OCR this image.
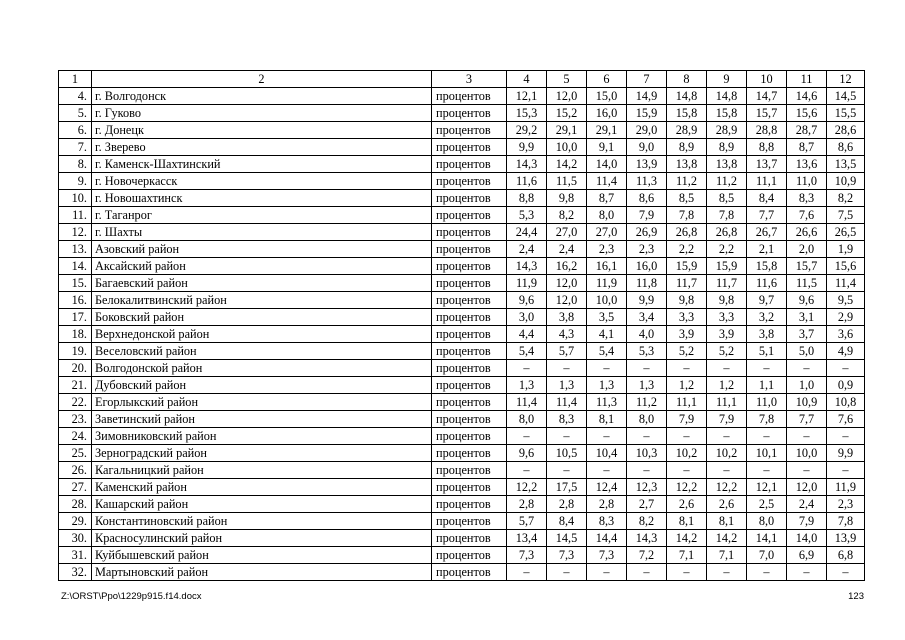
1	2	3	4	5	6	7	8	9	10	11	12
4.	г. Волгодонск	процентов	12,1	12,0	15,0	14,9	14,8	14,8	14,7	14,6	14,5
5.	г. Гуково	процентов	15,3	15,2	16,0	15,9	15,8	15,8	15,7	15,6	15,5
6.	г. Донецк	процентов	29,2	29,1	29,1	29,0	28,9	28,9	28,8	28,7	28,6
7.	г. Зверево	процентов	9,9	10,0	9,1	9,0	8,9	8,9	8,8	8,7	8,6
8.	г. Каменск-Шахтинский	процентов	14,3	14,2	14,0	13,9	13,8	13,8	13,7	13,6	13,5
9.	г. Новочеркасск	процентов	11,6	11,5	11,4	11,3	11,2	11,2	11,1	11,0	10,9
10.	г. Новошахтинск	процентов	8,8	9,8	8,7	8,6	8,5	8,5	8,4	8,3	8,2
11.	г. Таганрог	процентов	5,3	8,2	8,0	7,9	7,8	7,8	7,7	7,6	7,5
12.	г. Шахты	процентов	24,4	27,0	27,0	26,9	26,8	26,8	26,7	26,6	26,5
13.	Азовский район	процентов	2,4	2,4	2,3	2,3	2,2	2,2	2,1	2,0	1,9
14.	Аксайский район	процентов	14,3	16,2	16,1	16,0	15,9	15,9	15,8	15,7	15,6
15.	Багаевский район	процентов	11,9	12,0	11,9	11,8	11,7	11,7	11,6	11,5	11,4
16.	Белокалитвинский район	процентов	9,6	12,0	10,0	9,9	9,8	9,8	9,7	9,6	9,5
17.	Боковский район	процентов	3,0	3,8	3,5	3,4	3,3	3,3	3,2	3,1	2,9
18.	Верхнедонской район	процентов	4,4	4,3	4,1	4,0	3,9	3,9	3,8	3,7	3,6
19.	Веселовский район	процентов	5,4	5,7	5,4	5,3	5,2	5,2	5,1	5,0	4,9
20.	Волгодонской район	процентов	–	–	–	–	–	–	–	–	–
21.	Дубовский район	процентов	1,3	1,3	1,3	1,3	1,2	1,2	1,1	1,0	0,9
22.	Егорлыкский район	процентов	11,4	11,4	11,3	11,2	11,1	11,1	11,0	10,9	10,8
23.	Заветинский район	процентов	8,0	8,3	8,1	8,0	7,9	7,9	7,8	7,7	7,6
24.	Зимовниковский район	процентов	–	–	–	–	–	–	–	–	–
25.	Зерноградский район	процентов	9,6	10,5	10,4	10,3	10,2	10,2	10,1	10,0	9,9
26.	Кагальницкий район	процентов	–	–	–	–	–	–	–	–	–
27.	Каменский район	процентов	12,2	17,5	12,4	12,3	12,2	12,2	12,1	12,0	11,9
28.	Кашарский район	процентов	2,8	2,8	2,8	2,7	2,6	2,6	2,5	2,4	2,3
29.	Константиновский район	процентов	5,7	8,4	8,3	8,2	8,1	8,1	8,0	7,9	7,8
30.	Красносулинский район	процентов	13,4	14,5	14,4	14,3	14,2	14,2	14,1	14,0	13,9
31.	Куйбышевский район	процентов	7,3	7,3	7,3	7,2	7,1	7,1	7,0	6,9	6,8
32.	Мартыновский район	процентов	–	–	–	–	–	–	–	–	–
Z:\ORST\Ppo\1229p915.f14.docx	123
